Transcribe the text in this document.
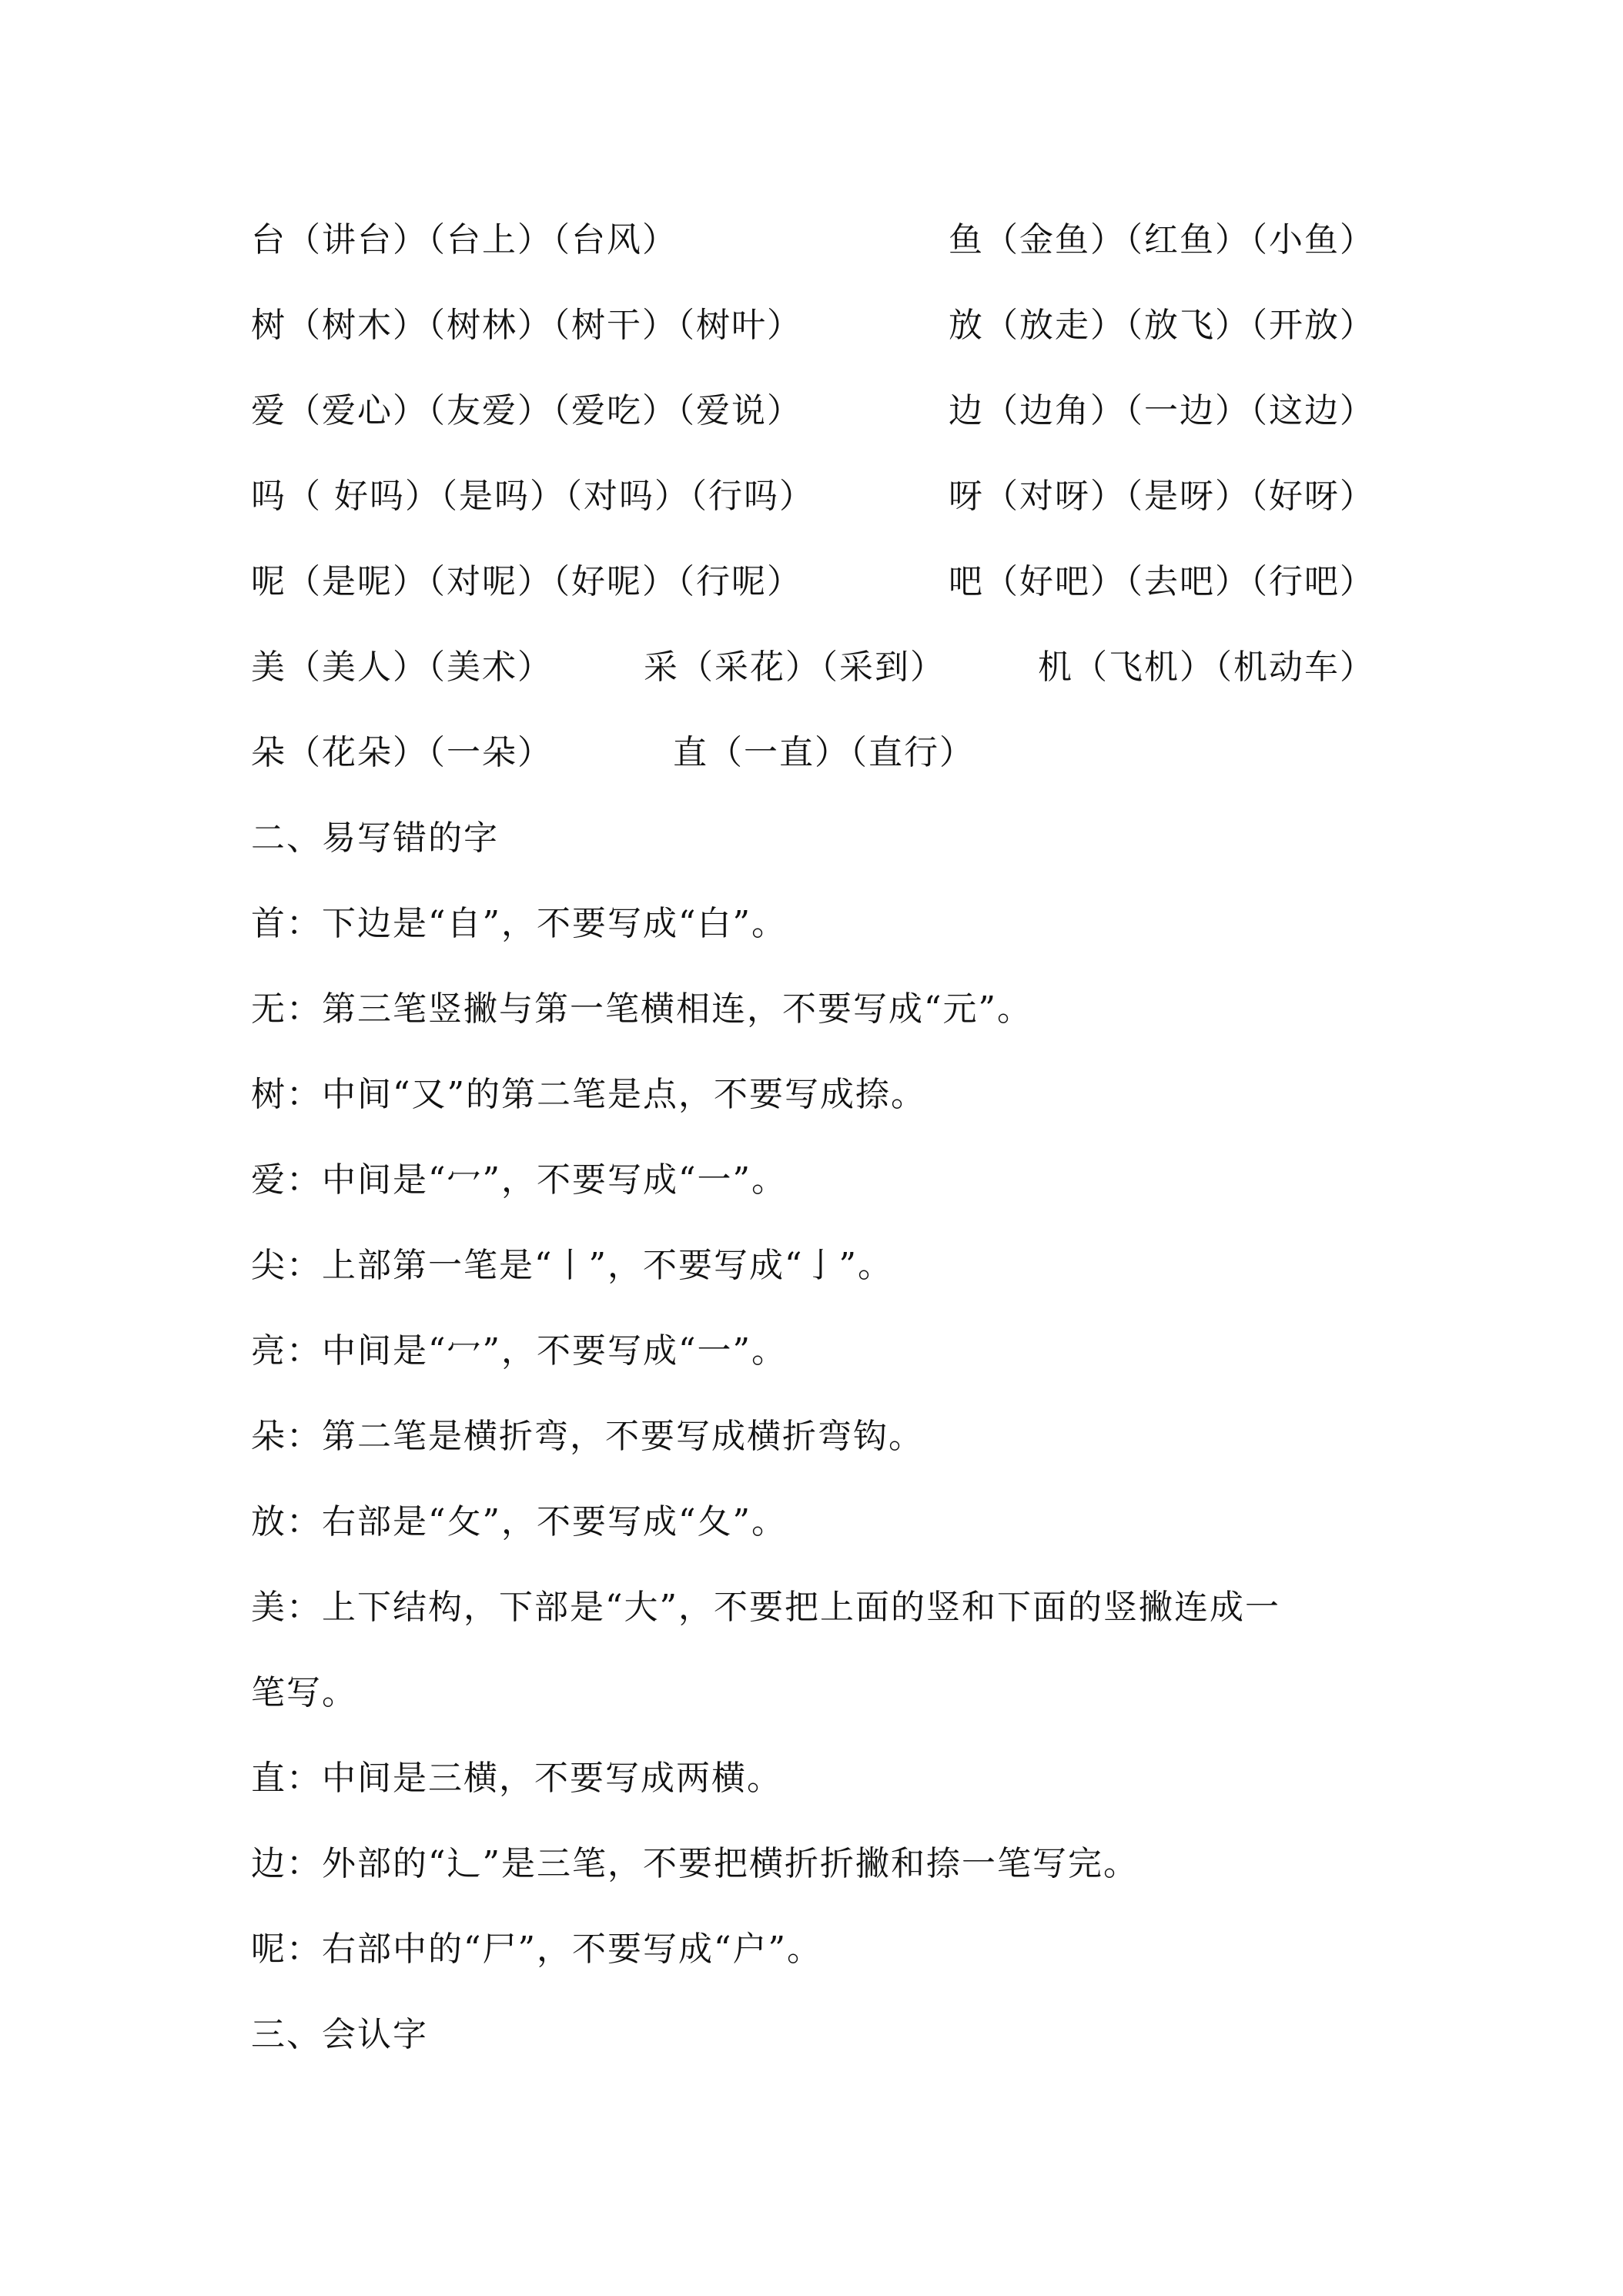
台（讲台）（台上）（台风）	鱼（金鱼）（红鱼）（小鱼）
树（树木）（树林）（树干）（树叶）	放（放走）（放飞）（开放）
爱（爱心）（友爱）（爱吃）（爱说）	边（边角）（一边）（这边）
吗（ 好吗）（是吗）（对吗）（行吗）	呀（对呀）（是呀）（好呀）
呢（是呢）（对呢）（好呢）（行呢）	吧（好吧）（去吧）（行吧）
美（美人）（美术）	采（采花）（采到）	机（飞机）（机动车）
朵（花朵）（一朵）	直（一直）（直行）
二、易写错的字
首：下边是“自”，不要写成“白”。
无：第三笔竖撇与第一笔横相连，不要写成“元”。
树：中间“又”的第二笔是点，不要写成捺。
爱：中间是“冖”，不要写成“一”。
尖：上部第一笔是“丨”，不要写成“亅”。
亮：中间是“冖”，不要写成“一”。
朵：第二笔是横折弯，不要写成横折弯钩。
放：右部是“攵”，不要写成“夂”。
美：上下结构，下部是“大”，不要把上面的竖和下面的竖撇连成一
笔写。
直：中间是三横，不要写成两横。
边：外部的“辶”是三笔，不要把横折折撇和捺一笔写完。
呢：右部中的“尸”，不要写成“户”。
三、会认字
